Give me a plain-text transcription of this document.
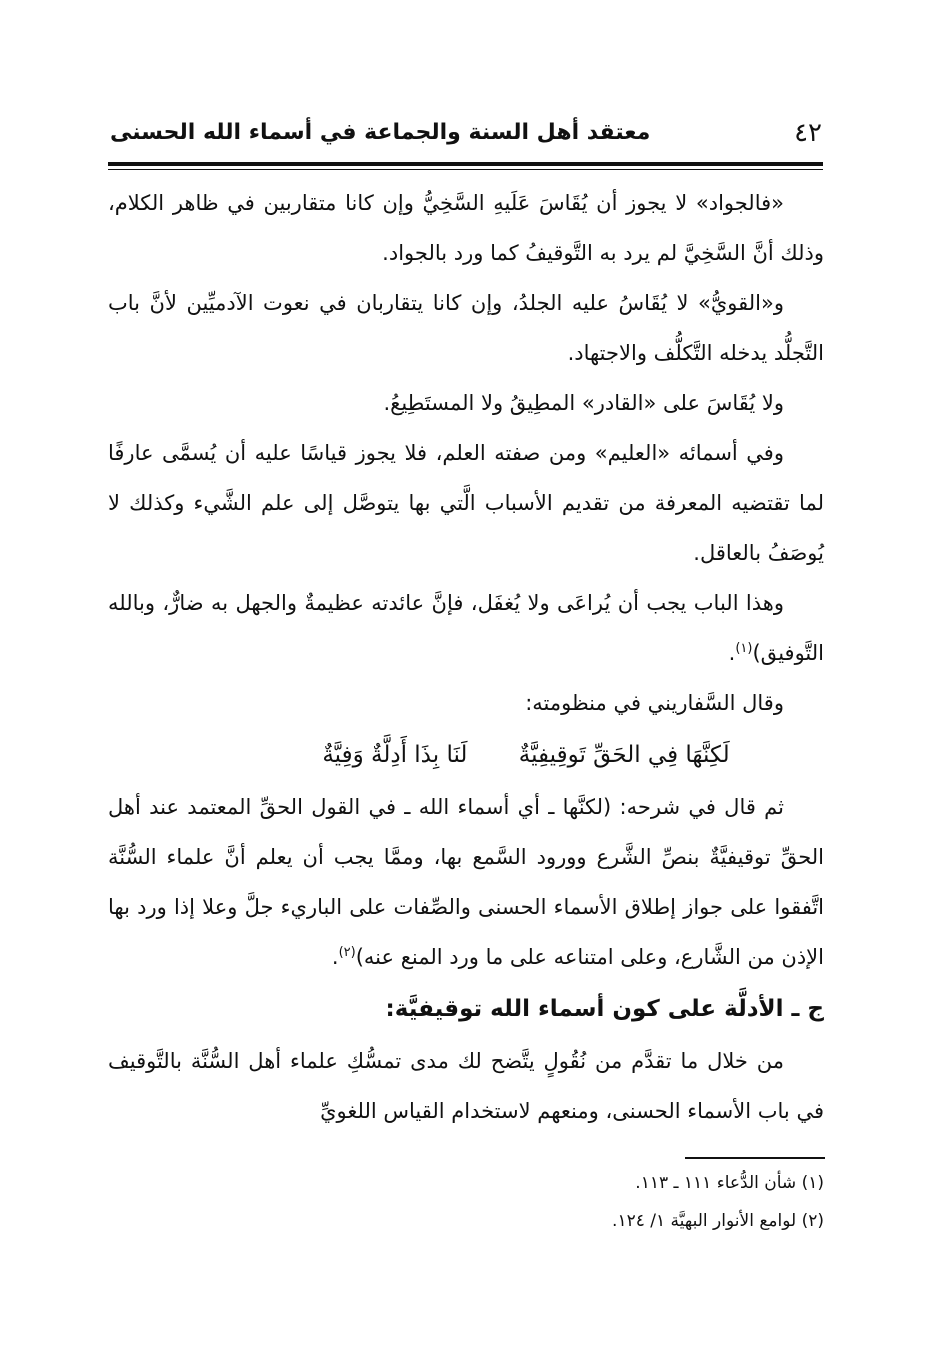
٤٢
معتقد أهل السنة والجماعة في أسماء الله الحسنى

«فالجواد» لا يجوز أن يُقَاسَ عَلَيهِ السَّخِيُّ وإن كانا متقاربين في ظاهر الكلام، وذلك أنَّ السَّخِيَّ لم يرد به التَّوقيفُ كما ورد بالجواد.

و«القويُّ» لا يُقَاسُ عليه الجلدُ، وإن كانا يتقاربان في نعوت الآدميِّين لأنَّ باب التَّجلُّد يدخله التَّكلُّف والاجتهاد.

ولا يُقَاسَ على «القادر» المطِيقُ ولا المستَطِيعُ.

وفي أسمائه «العليم» ومن صفته العلم، فلا يجوز قياسًا عليه أن يُسمَّى عارفًا لما تقتضيه المعرفة من تقديم الأسباب الَّتي بها يتوصَّل إلى علم الشَّيء وكذلك لا يُوصَفُ بالعاقل.

وهذا الباب يجب أن يُراعَى ولا يُغفَل، فإنَّ عائدته عظيمةٌ والجهل به ضارٌّ، وبالله التَّوفيق)$^{(١)}$.

وقال السَّفاريني في منظومته:

لَكِنَّهَا فِي الحَقِّ تَوقِيفِيَّةٌ لَنَا بِذَا أَدِلَّةٌ وَفِيَّةٌ

ثم قال في شرحه: (لكنَّها ـ أي أسماء الله ـ في القول الحقِّ المعتمد عند أهل الحقِّ توقيفيَّةٌ بنصِّ الشَّرع وورود السَّمع بها، وممَّا يجب أن يعلم أنَّ علماء السُّنَّة اتَّفقوا على جواز إطلاق الأسماء الحسنى والصِّفات على الباريء جلَّ وعلا إذا ورد بها الإذن من الشَّارع، وعلى امتناعه على ما ورد المنع عنه)$^{(٢)}$.

ج ـ الأدلَّة على كون أسماء الله توقيفيَّة:

من خلال ما تقدَّم من نُقُولٍ يتَّضح لك مدى تمسُّكِ علماء أهل السُّنَّة بالتَّوقيف في باب الأسماء الحسنى، ومنعهم لاستخدام القياس اللغويِّ

(١) شأن الدُّعاء ١١١ ـ ١١٣.

(٢) لوامع الأنوار البهيَّة ١/ ١٢٤.
